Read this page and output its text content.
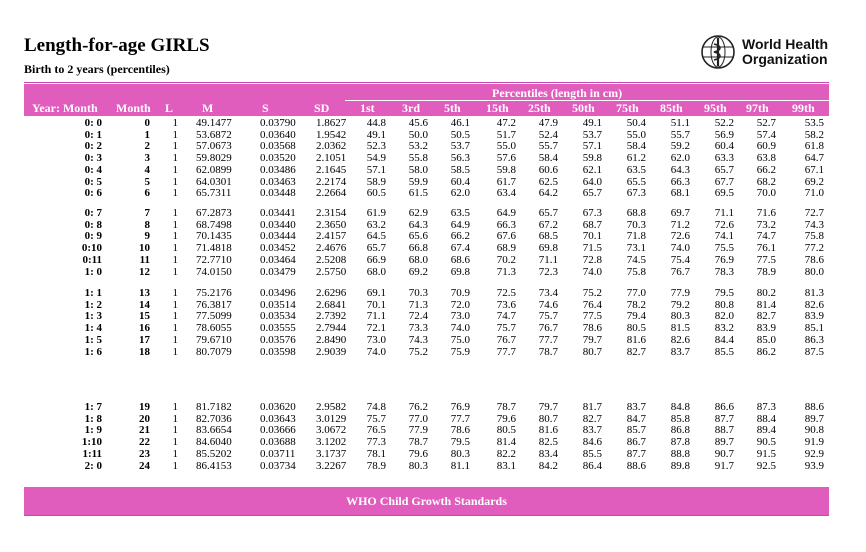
Length-for-age GIRLS
Birth to 2 years (percentiles)
World Health
Organization
Percentiles (length in cm)
Year: Month	Month	L	M	S	SD	1st	3rd	5th	15th	25th	50th	75th	85th	95th	97th	99th
0: 0	0	1 49.1477	0.03790	1.8627	44.8	45.6	46.1	47.2	47.9	49.1	50.4	51.1	52.2	52.7	53.5
0: 1	1	1 53.6872	0.03640	1.9542	49.1	50.0	50.5	51.7	52.4	53.7	55.0	55.7	56.9	57.4	58.2
0: 2	2	1 57.0673	0.03568	2.0362	52.3	53.2	53.7	55.0	55.7	57.1	58.4	59.2	60.4	60.9	61.8
0: 3	3	1 59.8029	0.03520	2.1051	54.9	55.8	56.3	57.6	58.4	59.8	61.2	62.0	63.3	63.8	64.7
0: 4	4	1 62.0899	0.03486	2.1645	57.1	58.0	58.5	59.8	60.6	62.1	63.5	64.3	65.7	66.2	67.1
0: 5	5	1 64.0301	0.03463	2.2174	58.9	59.9	60.4	61.7	62.5	64.0	65.5	66.3	67.7	68.2	69.2
0: 6	6	1 65.7311	0.03448	2.2664	60.5	61.5	62.0	63.4	64.2	65.7	67.3	68.1	69.5	70.0	71.0
0: 7	7	1 67.2873	0.03441	2.3154	61.9	62.9	63.5	64.9	65.7	67.3	68.8	69.7	71.1	71.6	72.7
0: 8	8	1 68.7498	0.03440	2.3650	63.2	64.3	64.9	66.3	67.2	68.7	70.3	71.2	72.6	73.2	74.3
0: 9	9	1 70.1435	0.03444	2.4157	64.5	65.6	66.2	67.6	68.5	70.1	71.8	72.6	74.1	74.7	75.8
0:10	10	1 71.4818	0.03452	2.4676	65.7	66.8	67.4	68.9	69.8	71.5	73.1	74.0	75.5	76.1	77.2
0:11	11	1 72.7710	0.03464	2.5208	66.9	68.0	68.6	70.2	71.1	72.8	74.5	75.4	76.9	77.5	78.6
1: 0	12	1 74.0150	0.03479	2.5750	68.0	69.2	69.8	71.3	72.3	74.0	75.8	76.7	78.3	78.9	80.0
1: 1	13	1 75.2176	0.03496	2.6296	69.1	70.3	70.9	72.5	73.4	75.2	77.0	77.9	79.5	80.2	81.3
1: 2	14	1 76.3817	0.03514	2.6841	70.1	71.3	72.0	73.6	74.6	76.4	78.2	79.2	80.8	81.4	82.6
1: 3	15	1 77.5099	0.03534	2.7392	71.1	72.4	73.0	74.7	75.7	77.5	79.4	80.3	82.0	82.7	83.9
1: 4	16	1 78.6055	0.03555	2.7944	72.1	73.3	74.0	75.7	76.7	78.6	80.5	81.5	83.2	83.9	85.1
1: 5	17	1 79.6710	0.03576	2.8490	73.0	74.3	75.0	76.7	77.7	79.7	81.6	82.6	84.4	85.0	86.3
1: 6	18	1 80.7079	0.03598	2.9039	74.0	75.2	75.9	77.7	78.7	80.7	82.7	83.7	85.5	86.2	87.5
1: 7	19	1 81.7182	0.03620	2.9582	74.8	76.2	76.9	78.7	79.7	81.7	83.7	84.8	86.6	87.3	88.6
1: 8	20	1 82.7036	0.03643	3.0129	75.7	77.0	77.7	79.6	80.7	82.7	84.7	85.8	87.7	88.4	89.7
1: 9	21	1 83.6654	0.03666	3.0672	76.5	77.9	78.6	80.5	81.6	83.7	85.7	86.8	88.7	89.4	90.8
1:10	22	1 84.6040	0.03688	3.1202	77.3	78.7	79.5	81.4	82.5	84.6	86.7	87.8	89.7	90.5	91.9
1:11	23	1 85.5202	0.03711	3.1737	78.1	79.6	80.3	82.2	83.4	85.5	87.7	88.8	90.7	91.5	92.9
2: 0	24	1 86.4153	0.03734	3.2267	78.9	80.3	81.1	83.1	84.2	86.4	88.6	89.8	91.7	92.5	93.9
WHO Child Growth Standards
